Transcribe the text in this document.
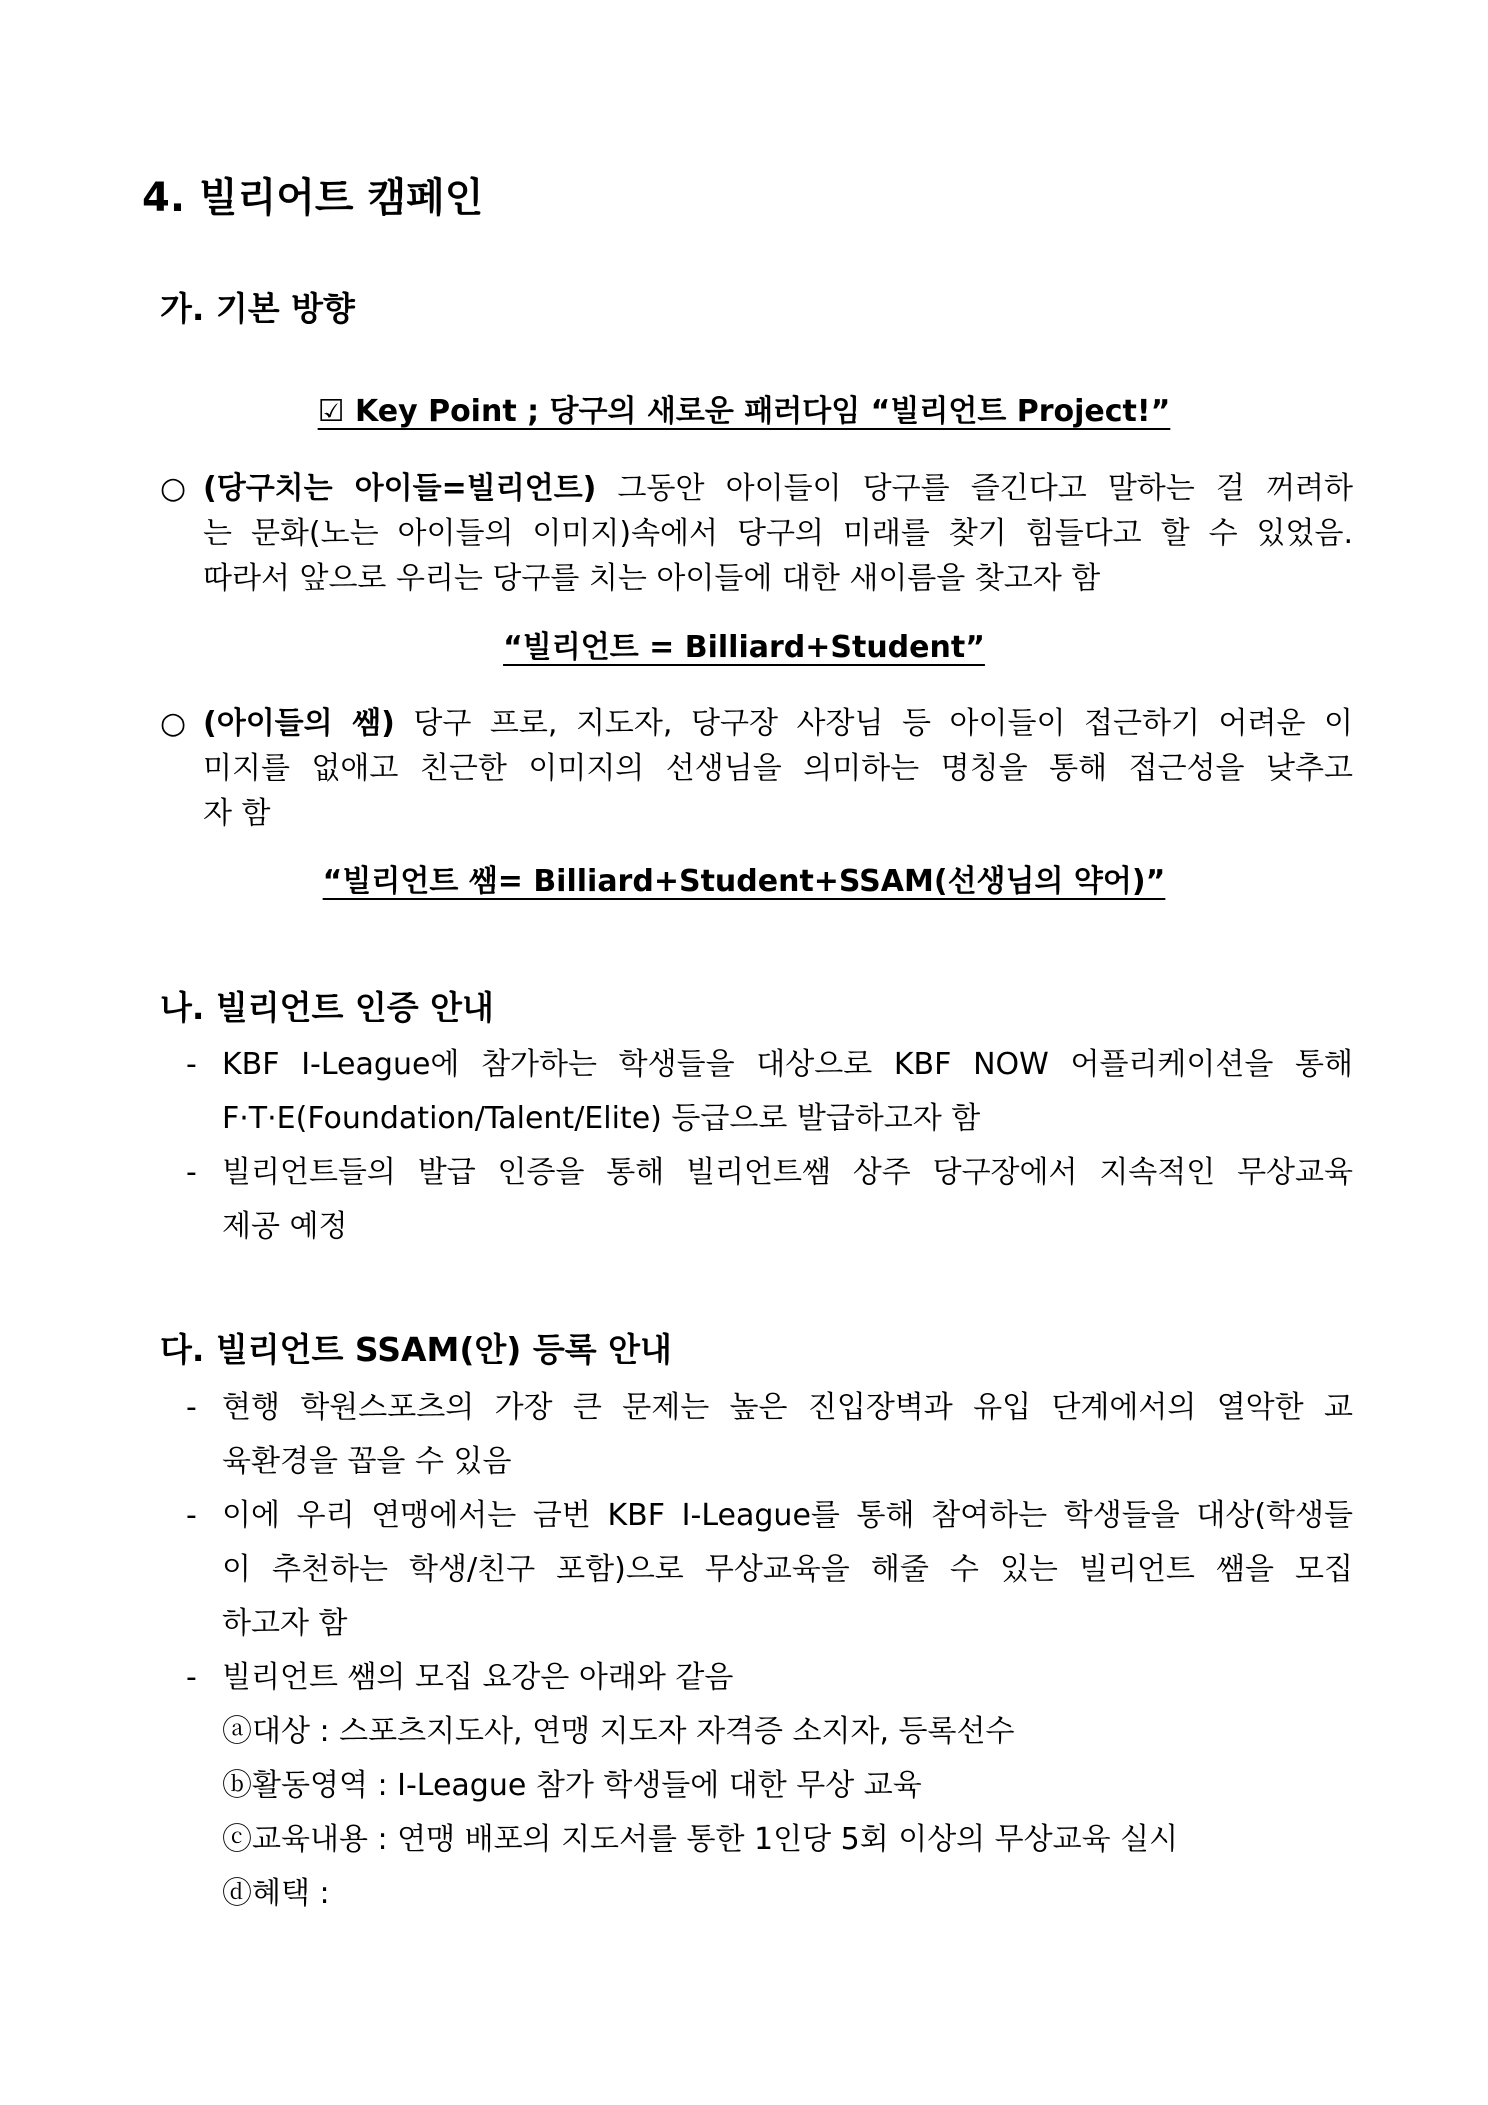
4. 빌리어트 캠페인
가. 기본 방향
☑ Key Point ; 당구의 새로운 패러다임 “빌리언트 Project!”
○ (당구치는 아이들=빌리언트) 그동안 아이들이 당구를 즐긴다고 말하는 걸 꺼려하
는 문화(노는 아이들의 이미지)속에서 당구의 미래를 찾기 힘들다고 할 수 있었음.
따라서 앞으로 우리는 당구를 치는 아이들에 대한 새이름을 찾고자 함
“빌리언트 = Billiard+Student”
○ (아이들의 쌤) 당구 프로, 지도자, 당구장 사장님 등 아이들이 접근하기 어려운 이
미지를 없애고 친근한 이미지의 선생님을 의미하는 명칭을 통해 접근성을 낮추고
자 함
“빌리언트 쌤= Billiard+Student+SSAM(선생님의 약어)”
나. 빌리언트 인증 안내
- KBF I-League에 참가하는 학생들을 대상으로 KBF NOW 어플리케이션을 통해
F·T·E(Foundation/Talent/Elite) 등급으로 발급하고자 함
- 빌리언트들의 발급 인증을 통해 빌리언트쌤 상주 당구장에서 지속적인 무상교육
제공 예정
다. 빌리언트 SSAM(안) 등록 안내
- 현행 학원스포츠의 가장 큰 문제는 높은 진입장벽과 유입 단계에서의 열악한 교
육환경을 꼽을 수 있음
- 이에 우리 연맹에서는 금번 KBF I-League를 통해 참여하는 학생들을 대상(학생들
이 추천하는 학생/친구 포함)으로 무상교육을 해줄 수 있는 빌리언트 쌤을 모집
하고자 함
- 빌리언트 쌤의 모집 요강은 아래와 같음
ⓐ대상 : 스포츠지도사, 연맹 지도자 자격증 소지자, 등록선수
ⓑ활동영역 : I-League 참가 학생들에 대한 무상 교육
ⓒ교육내용 : 연맹 배포의 지도서를 통한 1인당 5회 이상의 무상교육 실시
ⓓ혜택 :
